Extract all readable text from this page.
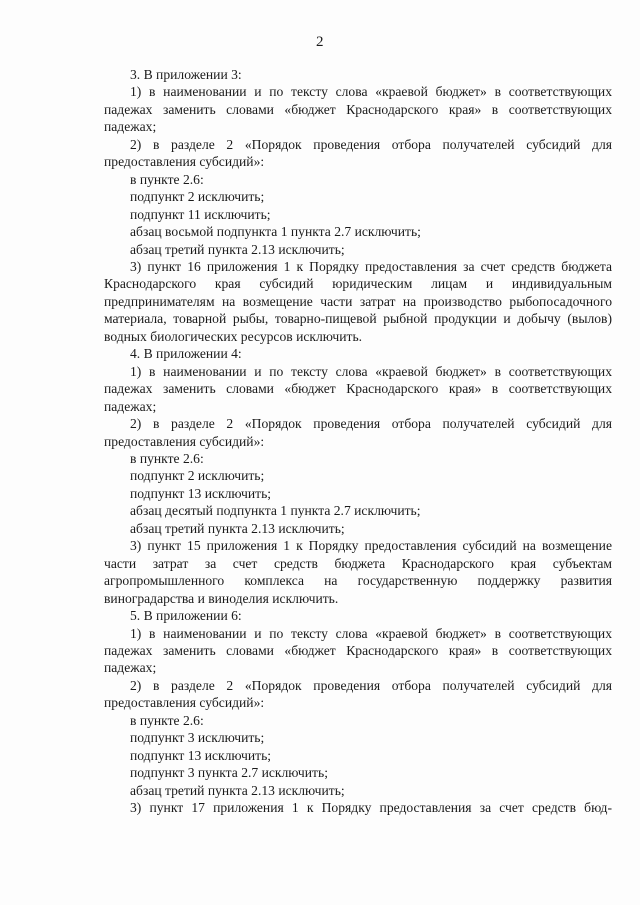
2

3. В приложении 3:

1) в наименовании и по тексту слова «краевой бюджет» в соответствующих падежах заменить словами «бюджет Краснодарского края» в соответствующих падежах;

2) в разделе 2 «Порядок проведения отбора получателей субсидий для предоставления субсидий»:

в пункте 2.6:

подпункт 2 исключить;

подпункт 11 исключить;

абзац восьмой подпункта 1 пункта 2.7 исключить;

абзац третий пункта 2.13 исключить;

3) пункт 16 приложения 1 к Порядку предоставления за счет средств бюджета Краснодарского края субсидий юридическим лицам и индивидуальным предпринимателям на возмещение части затрат на производство рыбопосадочного материала, товарной рыбы, товарно-пищевой рыбной продукции и добычу (вылов) водных биологических ресурсов исключить.

4. В приложении 4:

1) в наименовании и по тексту слова «краевой бюджет» в соответствующих падежах заменить словами «бюджет Краснодарского края» в соответствующих падежах;

2) в разделе 2 «Порядок проведения отбора получателей субсидий для предоставления субсидий»:

в пункте 2.6:

подпункт 2 исключить;

подпункт 13 исключить;

абзац десятый подпункта 1 пункта 2.7 исключить;

абзац третий пункта 2.13 исключить;

3) пункт 15 приложения 1 к Порядку предоставления субсидий на возмещение части затрат за счет средств бюджета Краснодарского края субъектам агропромышленного комплекса на государственную поддержку развития виноградарства и виноделия исключить.

5. В приложении 6:

1) в наименовании и по тексту слова «краевой бюджет» в соответствующих падежах заменить словами «бюджет Краснодарского края» в соответствующих падежах;

2) в разделе 2 «Порядок проведения отбора получателей субсидий для предоставления субсидий»:

в пункте 2.6:

подпункт 3 исключить;

подпункт 13 исключить;

подпункт 3 пункта 2.7 исключить;

абзац третий пункта 2.13 исключить;

3) пункт 17 приложения 1 к Порядку предоставления за счет средств бюд-
